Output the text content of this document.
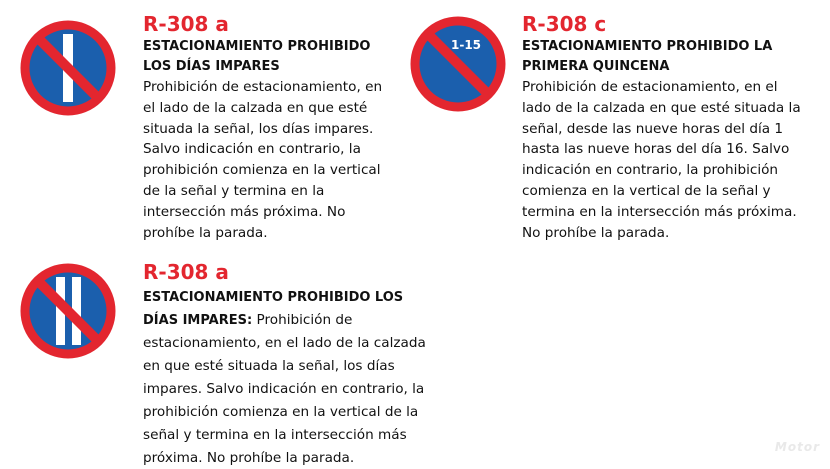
1-15
R-308 a

ESTACIONAMIENTO PROHIBIDO
LOS DÍAS IMPARES

Prohibición de estacionamiento, en
el lado de la calzada en que esté
situada la señal, los días impares.
Salvo indicación en contrario, la
prohibición comienza en la vertical
de la señal y termina en la
intersección más próxima. No
prohíbe la parada.

R-308 c

ESTACIONAMIENTO PROHIBIDO LA
PRIMERA QUINCENA

Prohibición de estacionamiento, en el
lado de la calzada en que esté situada la
señal, desde las nueve horas del día 1
hasta las nueve horas del día 16. Salvo
indicación en contrario, la prohibición
comienza en la vertical de la señal y
termina en la intersección más próxima.
No prohíbe la parada.

R-308 a

ESTACIONAMIENTO PROHIBIDO LOS
DÍAS IMPARES: Prohibición de
estacionamiento, en el lado de la calzada
en que esté situada la señal, los días
impares. Salvo indicación en contrario, la
prohibición comienza en la vertical de la
señal y termina en la intersección más
próxima. No prohíbe la parada.

Motor
